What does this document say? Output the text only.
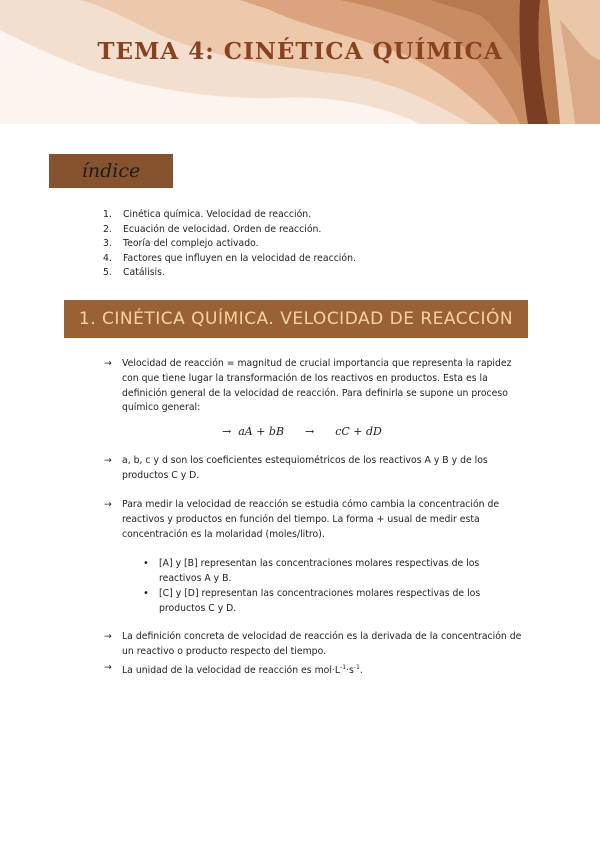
TEMA 4: CINÉTICA QUÍMICA
índice
1. Cinética química. Velocidad de reacción.
2. Ecuación de velocidad. Orden de reacción.
3. Teoría del complejo activado.
4. Factores que influyen en la velocidad de reacción.
5. Catálisis.
1. CINÉTICA QUÍMICA. VELOCIDAD DE REACCIÓN
→	Velocidad de reacción = magnitud de crucial importancia que representa la rapidez con que tiene lugar la transformación de los reactivos en productos. Esta es la definición general de la velocidad de reacción. Para definirla se supone un proceso químico general:
→  aA + bB      →      cC + dD
→	a, b, c y d son los coeficientes estequiométricos de los reactivos A y B y de los productos C y D.
→	Para medir la velocidad de reacción se estudia cómo cambia la concentración de reactivos y productos en función del tiempo. La forma + usual de medir esta concentración es la molaridad (moles/litro).
•	[A] y [B] representan las concentraciones molares respectivas de los reactivos A y B.
•	[C] y [D] representan las concentraciones molares respectivas de los productos C y D.
→	La definición concreta de velocidad de reacción es la derivada de la concentración de un reactivo o producto respecto del tiempo.
→	La unidad de la velocidad de reacción es $mol\cdot L^{-1}\cdot s^{-1}$.
